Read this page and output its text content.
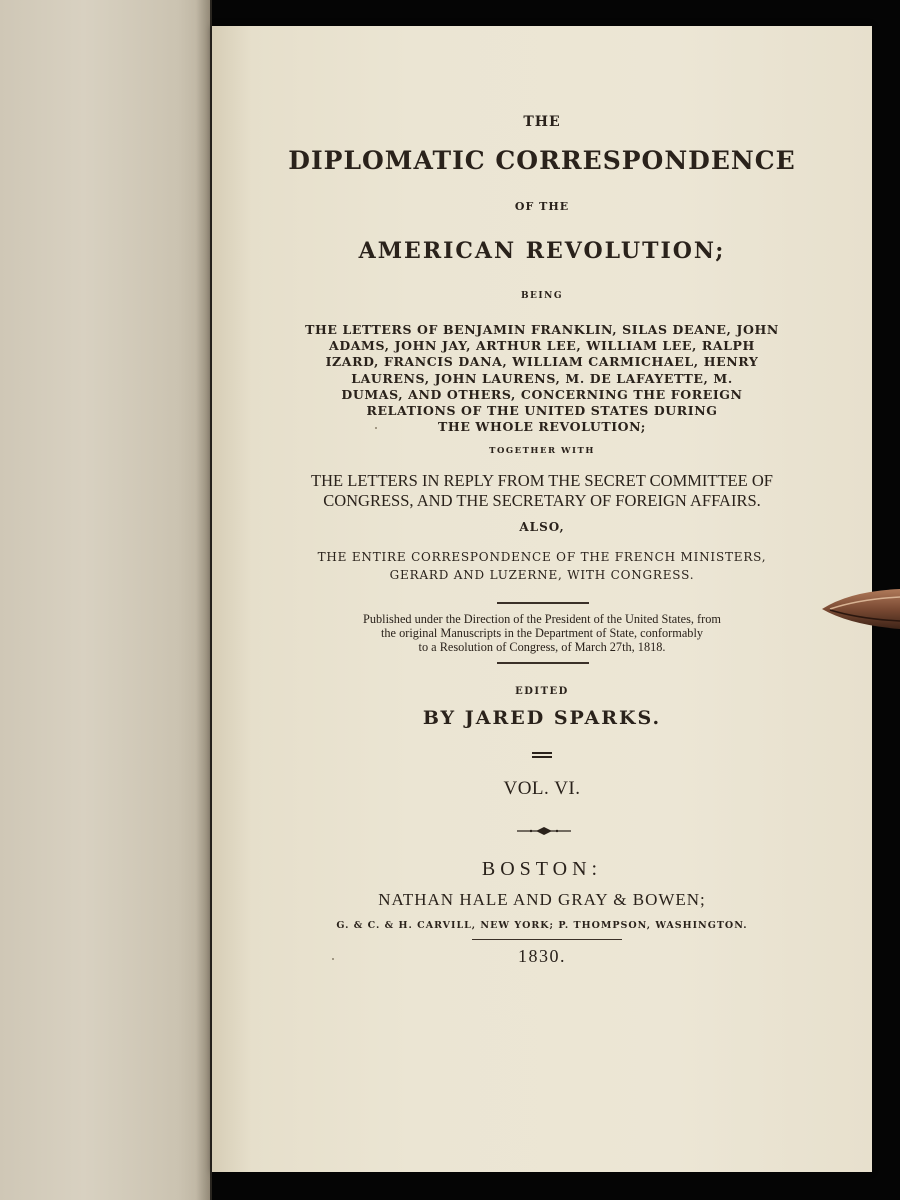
THE

DIPLOMATIC CORRESPONDENCE

OF THE

AMERICAN REVOLUTION;

BEING

THE LETTERS OF BENJAMIN FRANKLIN, SILAS DEANE, JOHN
ADAMS, JOHN JAY, ARTHUR LEE, WILLIAM LEE, RALPH
IZARD, FRANCIS DANA, WILLIAM CARMICHAEL, HENRY
LAURENS, JOHN LAURENS, M. DE LAFAYETTE, M.
DUMAS, AND OTHERS, CONCERNING THE FOREIGN
RELATIONS OF THE UNITED STATES DURING
THE WHOLE REVOLUTION;

TOGETHER WITH

THE LETTERS IN REPLY FROM THE SECRET COMMITTEE OF
CONGRESS, AND THE SECRETARY OF FOREIGN AFFAIRS.

ALSO,

THE ENTIRE CORRESPONDENCE OF THE FRENCH MINISTERS,
GERARD AND LUZERNE, WITH CONGRESS.
Published under the Direction of the President of the United States, from
the original Manuscripts in the Department of State, conformably
to a Resolution of Congress, of March 27th, 1818.

EDITED

BY JARED SPARKS.

VOL. VI.

BOSTON:

NATHAN HALE AND GRAY & BOWEN;

G. & C. & H. CARVILL, NEW YORK; P. THOMPSON, WASHINGTON.

1830.
